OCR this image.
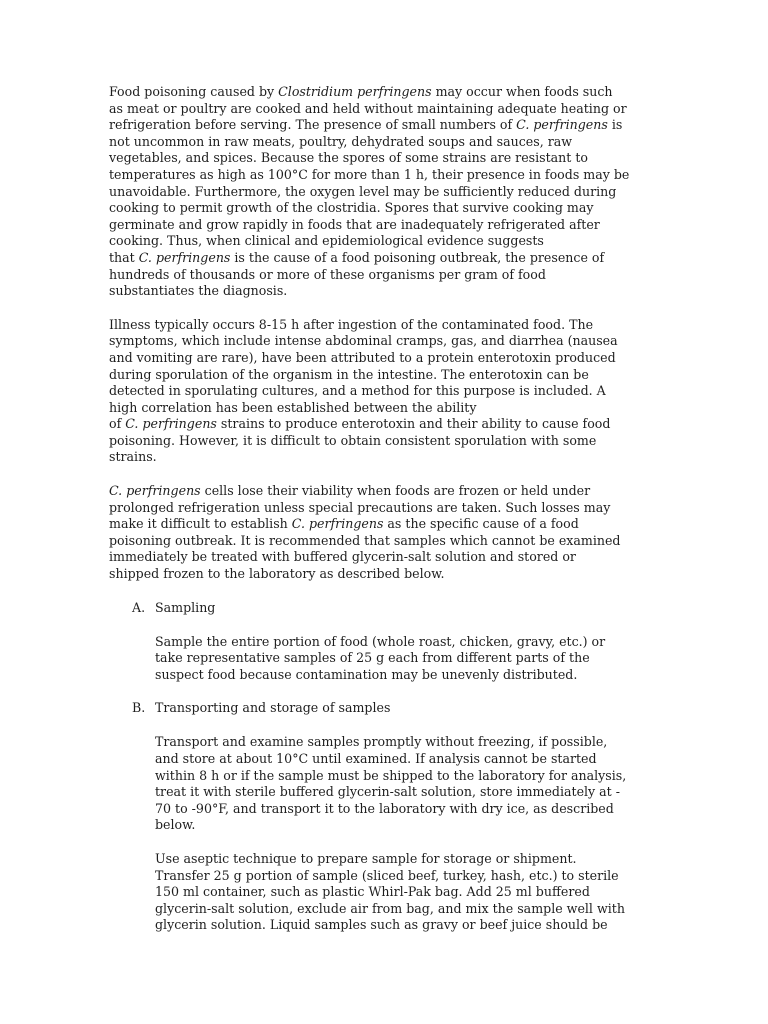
Food poisoning caused by Clostridium perfringens may occur when foods such
as meat or poultry are cooked and held without maintaining adequate heating or
refrigeration before serving. The presence of small numbers of C. perfringens is
not uncommon in raw meats, poultry, dehydrated soups and sauces, raw
vegetables, and spices. Because the spores of some strains are resistant to
temperatures as high as 100°C for more than 1 h, their presence in foods may be
unavoidable. Furthermore, the oxygen level may be sufficiently reduced during
cooking to permit growth of the clostridia. Spores that survive cooking may
germinate and grow rapidly in foods that are inadequately refrigerated after
cooking. Thus, when clinical and epidemiological evidence suggests
that C. perfringens is the cause of a food poisoning outbreak, the presence of
hundreds of thousands or more of these organisms per gram of food
substantiates the diagnosis.

Illness typically occurs 8-15 h after ingestion of the contaminated food. The
symptoms, which include intense abdominal cramps, gas, and diarrhea (nausea
and vomiting are rare), have been attributed to a protein enterotoxin produced
during sporulation of the organism in the intestine. The enterotoxin can be
detected in sporulating cultures, and a method for this purpose is included. A
high correlation has been established between the ability
of C. perfringens strains to produce enterotoxin and their ability to cause food
poisoning. However, it is difficult to obtain consistent sporulation with some
strains.

C. perfringens cells lose their viability when foods are frozen or held under
prolonged refrigeration unless special precautions are taken. Such losses may
make it difficult to establish C. perfringens as the specific cause of a food
poisoning outbreak. It is recommended that samples which cannot be examined
immediately be treated with buffered glycerin-salt solution and stored or
shipped frozen to the laboratory as described below.

A. Sampling

Sample the entire portion of food (whole roast, chicken, gravy, etc.) or
take representative samples of 25 g each from different parts of the
suspect food because contamination may be unevenly distributed.

B. Transporting and storage of samples

Transport and examine samples promptly without freezing, if possible,
and store at about 10°C until examined. If analysis cannot be started
within 8 h or if the sample must be shipped to the laboratory for analysis,
treat it with sterile buffered glycerin-salt solution, store immediately at -
70 to -90°F, and transport it to the laboratory with dry ice, as described
below.

Use aseptic technique to prepare sample for storage or shipment.
Transfer 25 g portion of sample (sliced beef, turkey, hash, etc.) to sterile
150 ml container, such as plastic Whirl-Pak bag. Add 25 ml buffered
glycerin-salt solution, exclude air from bag, and mix the sample well with
glycerin solution. Liquid samples such as gravy or beef juice should be
